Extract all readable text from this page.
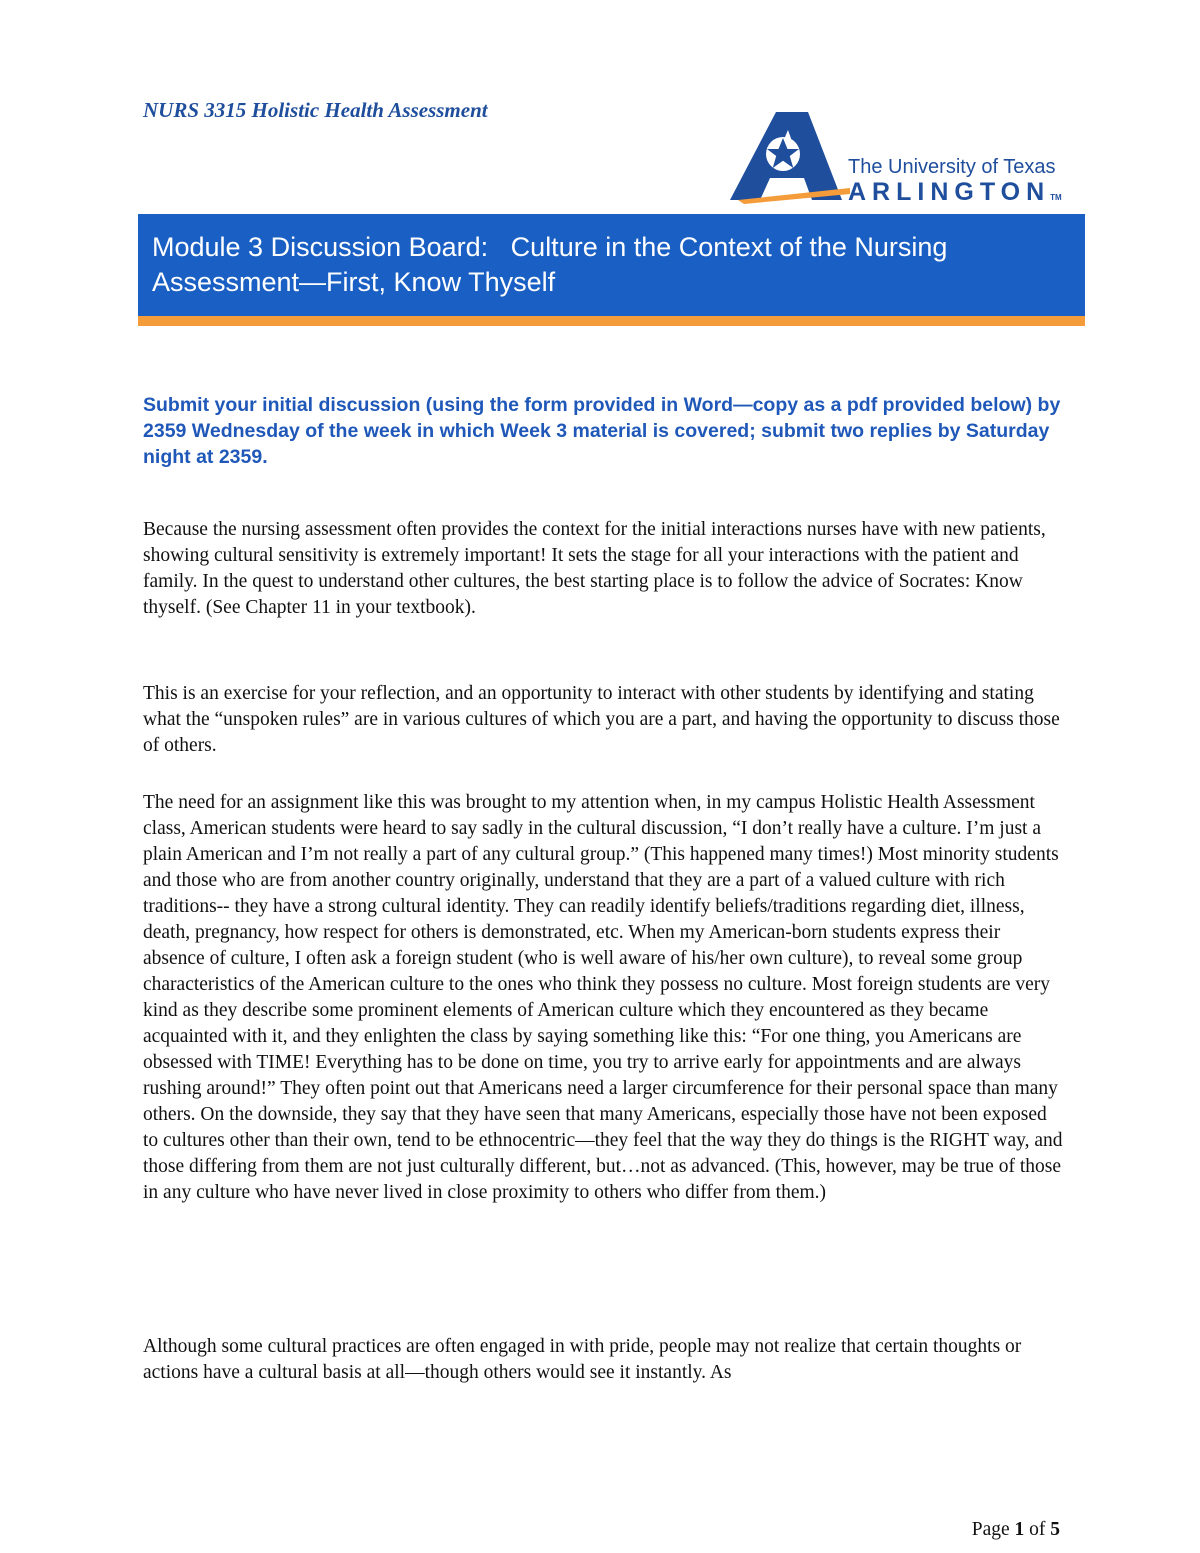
NURS 3315 Holistic Health Assessment
The University of Texas
ARLINGTONTM
Module 3 Discussion Board:   Culture in the Context of the Nursing Assessment—First, Know Thyself

Submit your initial discussion (using the form provided in Word—copy as a pdf provided below) by 2359 Wednesday of the week in which Week 3 material is covered; submit two replies by Saturday night at 2359.

Because the nursing assessment often provides the context for the initial interactions nurses have with new patients, showing cultural sensitivity is extremely important! It sets the stage for all your interactions with the patient and family. In the quest to understand other cultures, the best starting place is to follow the advice of Socrates: Know thyself. (See Chapter 11 in your textbook).

This is an exercise for your reflection, and an opportunity to interact with other students by identifying and stating what the “unspoken rules” are in various cultures of which you are a part, and having the opportunity to discuss those of others.

The need for an assignment like this was brought to my attention when, in my campus Holistic Health Assessment class, American students were heard to say sadly in the cultural discussion, “I don’t really have a culture. I’m just a plain American and I’m not really a part of any cultural group.” (This happened many times!) Most minority students and those who are from another country originally, understand that they are a part of a valued culture with rich traditions-- they have a strong cultural identity. They can readily identify beliefs/traditions regarding diet, illness, death, pregnancy, how respect for others is demonstrated, etc. When my American-born students express their absence of culture, I often ask a foreign student (who is well aware of his/her own culture), to reveal some group characteristics of the American culture to the ones who think they possess no culture. Most foreign students are very kind as they describe some prominent elements of American culture which they encountered as they became acquainted with it, and they enlighten the class by saying something like this: “For one thing, you Americans are obsessed with TIME! Everything has to be done on time, you try to arrive early for appointments and are always rushing around!” They often point out that Americans need a larger circumference for their personal space than many others. On the downside, they say that they have seen that many Americans, especially those have not been exposed to cultures other than their own, tend to be ethnocentric—they feel that the way they do things is the RIGHT way, and those differing from them are not just culturally different, but…not as advanced. (This, however, may be true of those in any culture who have never lived in close proximity to others who differ from them.)

Although some cultural practices are often engaged in with pride, people may not realize that certain thoughts or actions have a cultural basis at all—though others would see it instantly. As

Page 1 of 5
